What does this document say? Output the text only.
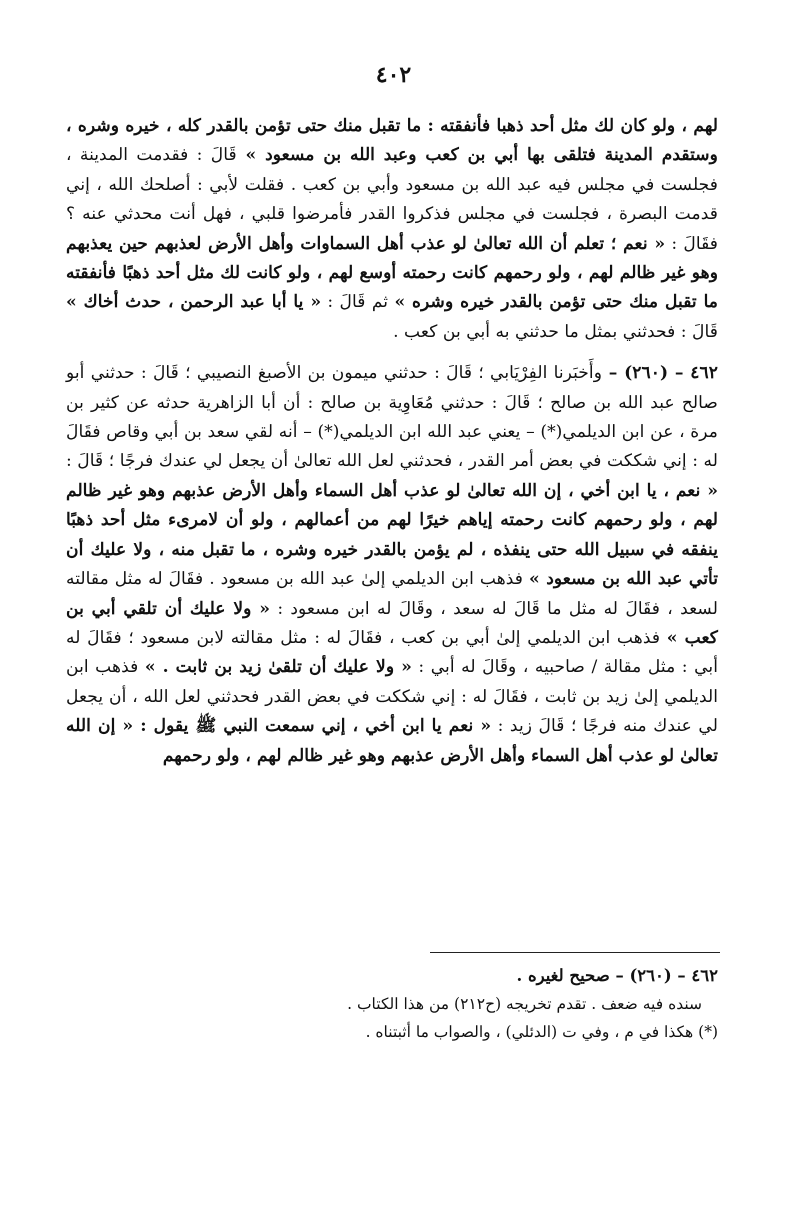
٤٠٢

لهم ، ولو كان لك مثل أحد ذهبا فأنفقته : ما تقبل منك حتى تؤمن بالقدر كله ، خيره وشره ، وستقدم المدينة فتلقى بها أبي بن كعب وعبد الله بن مسعود » قَالَ : فقدمت المدينة ، فجلست في مجلس فيه عبد الله بن مسعود وأبي بن كعب . فقلت لأبي : أصلحك الله ، إني قدمت البصرة ، فجلست في مجلس فذكروا القدر فأمرضوا قلبي ، فهل أنت محدثي عنه ؟ فقَالَ : « نعم ؛ تعلم أن الله تعالىٰ لو عذب أهل السماوات وأهل الأرض لعذبهم حين يعذبهم وهو غير ظالم لهم ، ولو رحمهم كانت رحمته أوسع لهم ، ولو كانت لك مثل أحد ذهبًا فأنفقته ما تقبل منك حتى تؤمن بالقدر خيره وشره » ثم قَالَ : « يا أبا عبد الرحمن ، حدث أخاك » قَالَ : فحدثني بمثل ما حدثني به أبي بن كعب .

٤٦٢ – (٢٦٠) – وأَخبَرنا الفِرْيَابي ؛ قَالَ : حدثني ميمون بن الأصبغ النصيبي ؛ قَالَ : حدثني أبو صالح عبد الله بن صالح ؛ قَالَ : حدثني مُعَاوِية بن صالح : أن أبا الزاهرية حدثه عن كثير بن مرة ، عن ابن الديلمي(*) – يعني عبد الله ابن الديلمي(*) – أنه لقي سعد بن أبي وقاص فقَالَ له : إني شككت في بعض أمر القدر ، فحدثني لعل الله تعالىٰ أن يجعل لي عندك فرجًا ؛ قَالَ : « نعم ، يا ابن أخي ، إن الله تعالىٰ لو عذب أهل السماء وأهل الأرض عذبهم وهو غير ظالم لهم ، ولو رحمهم كانت رحمته إياهم خيرًا لهم من أعمالهم ، ولو أن لامرىء مثل أحد ذهبًا ينفقه في سبيل الله حتى ينفذه ، لم يؤمن بالقدر خيره وشره ، ما تقبل منه ، ولا عليك أن تأتي عبد الله بن مسعود » فذهب ابن الديلمي إلىٰ عبد الله بن مسعود . فقَالَ له مثل مقالته لسعد ، فقَالَ له مثل ما قَالَ له سعد ، وقَالَ له ابن مسعود : « ولا عليك أن تلقي أبي بن كعب » فذهب ابن الديلمي إلىٰ أبي بن كعب ، فقَالَ له : مثل مقالته لابن مسعود ؛ فقَالَ له أبي : مثل مقالة / صاحبيه ، وقَالَ له أبي : « ولا عليك أن تلقىٰ زيد بن ثابت . » فذهب ابن الديلمي إلىٰ زيد بن ثابت ، فقَالَ له : إني شككت في بعض القدر فحدثني لعل الله ، أن يجعل لي عندك منه فرجًا ؛ قَالَ زيد : « نعم يا ابن أخي ، إني سمعت النبي ﷺ يقول : « إن الله تعالىٰ لو عذب أهل السماء وأهل الأرض عذبهم وهو غير ظالم لهم ، ولو رحمهم

٤٦٢ – (٢٦٠) – صحيح لغيره .

سنده فيه ضعف . تقدم تخريجه (ح٢١٢) من هذا الكتاب .

(*) هكذا في م ، وفي ت (الدئلي) ، والصواب ما أثبتناه .
